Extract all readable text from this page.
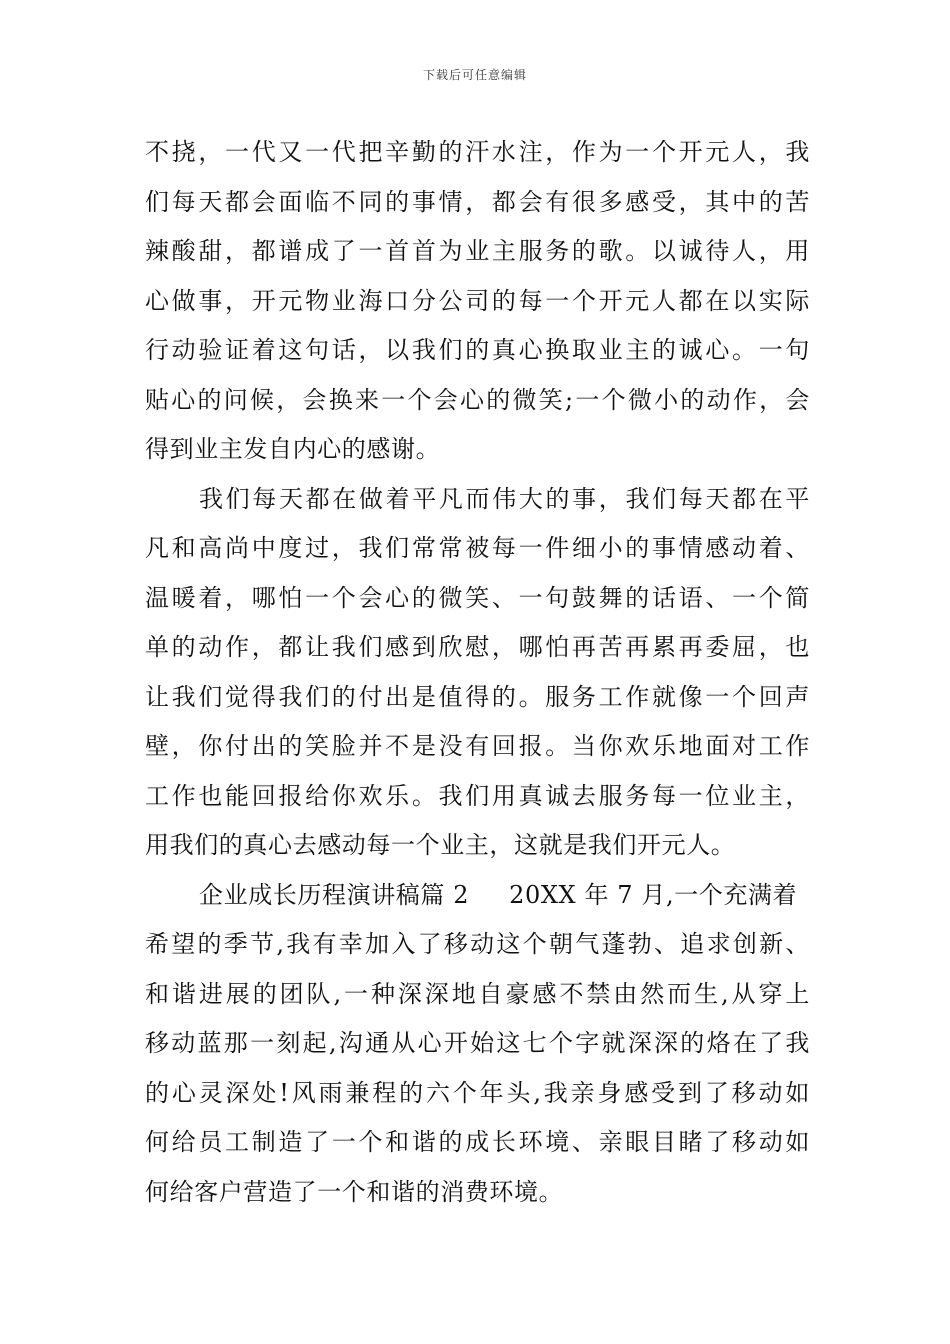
下载后可任意编辑
不挠，一代又一代把辛勤的汗水注，作为一个开元人，我
们每天都会面临不同的事情，都会有很多感受，其中的苦
辣酸甜，都谱成了一首首为业主服务的歌。以诚待人，用
心做事，开元物业海口分公司的每一个开元人都在以实际
行动验证着这句话，以我们的真心换取业主的诚心。一句
贴心的问候，会换来一个会心的微笑;一个微小的动作，会
得到业主发自内心的感谢。
我们每天都在做着平凡而伟大的事，我们每天都在平
凡和高尚中度过，我们常常被每一件细小的事情感动着、
温暖着，哪怕一个会心的微笑、一句鼓舞的话语、一个简
单的动作，都让我们感到欣慰，哪怕再苦再累再委屈，也
让我们觉得我们的付出是值得的。服务工作就像一个回声
壁，你付出的笑脸并不是没有回报。当你欢乐地面对工作
工作也能回报给你欢乐。我们用真诚去服务每一位业主，
用我们的真心去感动每一个业主，这就是我们开元人。
企业成长历程演讲稿篇 2 20XX 年 7 月,一个充满着
希望的季节,我有幸加入了移动这个朝气蓬勃、追求创新、
和谐进展的团队,一种深深地自豪感不禁由然而生,从穿上
移动蓝那一刻起,沟通从心开始这七个字就深深的烙在了我
的心灵深处!风雨兼程的六个年头,我亲身感受到了移动如
何给员工制造了一个和谐的成长环境、亲眼目睹了移动如
何给客户营造了一个和谐的消费环境。
